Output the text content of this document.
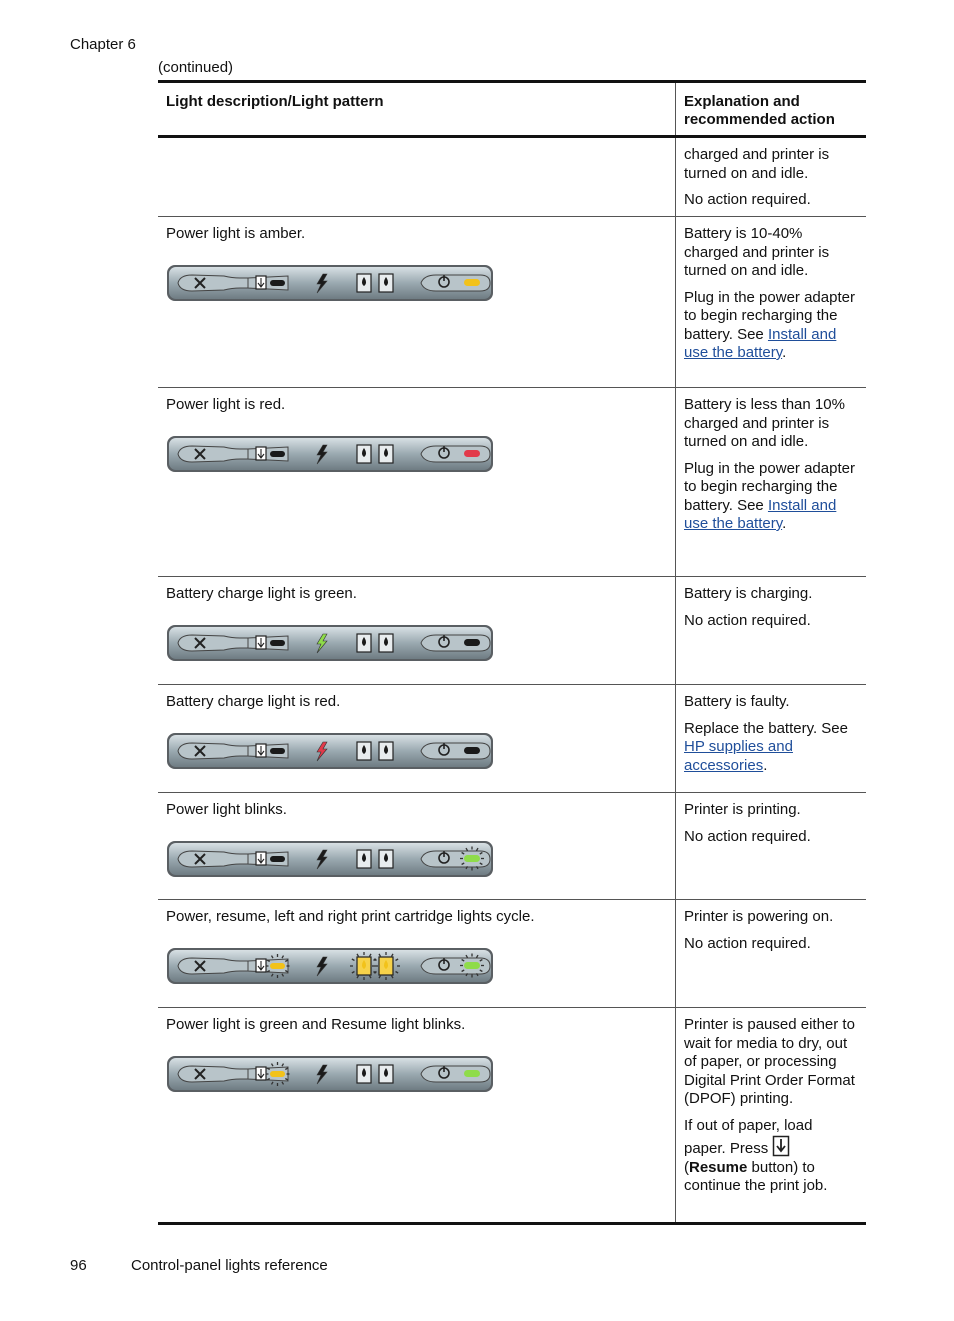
Chapter 6
(continued)
Light description/Light pattern	Explanation and recommended action

charged and printer is turned on and idle.

No action required.

Power light is amber.	Battery is 10-40% charged and printer is turned on and idle.

Plug in the power adapter to begin recharging the battery. See Install and use the battery.

Power light is red.	Battery is less than 10% charged and printer is turned on and idle.

Plug in the power adapter to begin recharging the battery. See Install and use the battery.

Battery charge light is green.	Battery is charging.

No action required.

Battery charge light is red.	Battery is faulty.

Replace the battery. See HP supplies and accessories.

Power light blinks.	Printer is printing.

No action required.

Power, resume, left and right print cartridge lights cycle.	Printer is powering on.

No action required.

Power light is green and Resume light blinks.	Printer is paused either to wait for media to dry, out of paper, or processing Digital Print Order Format (DPOF) printing.

If out of paper, load paper. Press
(Resume button) to continue the print job.

96	Control-panel lights reference
